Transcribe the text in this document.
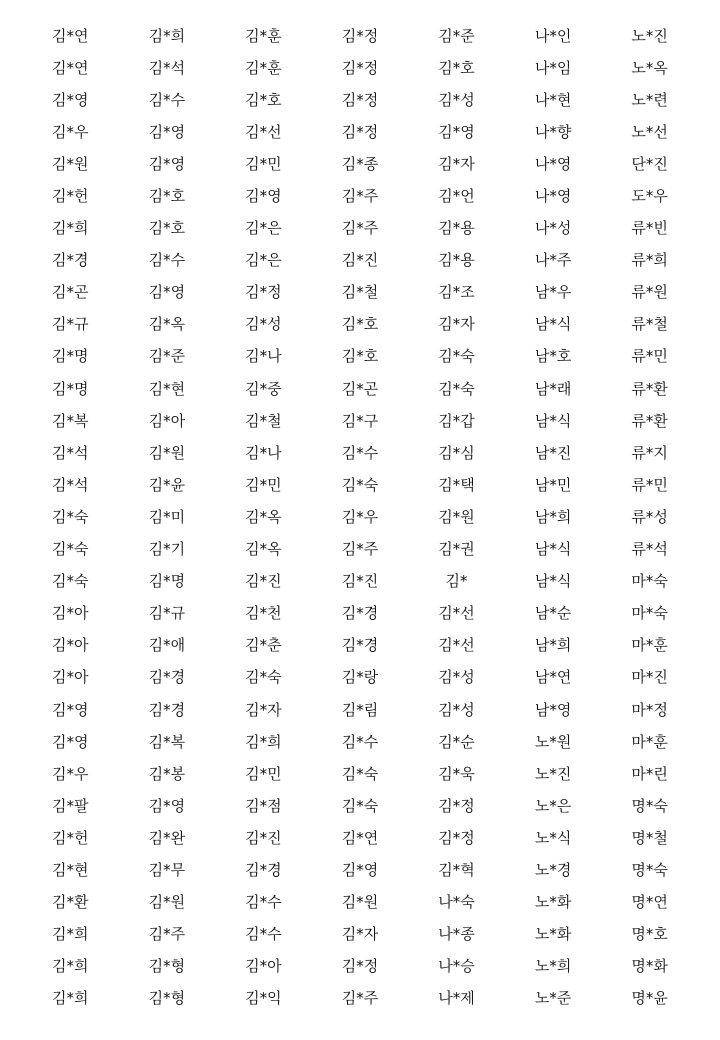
김*연	김*희	김*훈	김*정	김*준	나*인	노*진
김*연	김*석	김*훈	김*정	김*호	나*임	노*옥
김*영	김*수	김*호	김*정	김*성	나*현	노*련
김*우	김*영	김*선	김*정	김*영	나*향	노*선
김*원	김*영	김*민	김*종	김*자	나*영	단*진
김*헌	김*호	김*영	김*주	김*언	나*영	도*우
김*희	김*호	김*은	김*주	김*용	나*성	류*빈
김*경	김*수	김*은	김*진	김*용	나*주	류*희
김*곤	김*영	김*정	김*철	김*조	남*우	류*원
김*규	김*옥	김*성	김*호	김*자	남*식	류*철
김*명	김*준	김*나	김*호	김*숙	남*호	류*민
김*명	김*현	김*중	김*곤	김*숙	남*래	류*환
김*복	김*아	김*철	김*구	김*갑	남*식	류*환
김*석	김*원	김*나	김*수	김*심	남*진	류*지
김*석	김*윤	김*민	김*숙	김*택	남*민	류*민
김*숙	김*미	김*옥	김*우	김*원	남*희	류*성
김*숙	김*기	김*옥	김*주	김*권	남*식	류*석
김*숙	김*명	김*진	김*진	김*	남*식	마*숙
김*아	김*규	김*천	김*경	김*선	남*순	마*숙
김*아	김*애	김*춘	김*경	김*선	남*희	마*훈
김*아	김*경	김*숙	김*랑	김*성	남*연	마*진
김*영	김*경	김*자	김*림	김*성	남*영	마*정
김*영	김*복	김*희	김*수	김*순	노*원	마*훈
김*우	김*봉	김*민	김*숙	김*욱	노*진	마*린
김*팔	김*영	김*점	김*숙	김*정	노*은	명*숙
김*헌	김*완	김*진	김*연	김*정	노*식	명*철
김*현	김*무	김*경	김*영	김*혁	노*경	명*숙
김*환	김*원	김*수	김*원	나*숙	노*화	명*연
김*희	김*주	김*수	김*자	나*종	노*화	명*호
김*희	김*형	김*아	김*정	나*승	노*희	명*화
김*희	김*형	김*익	김*주	나*제	노*준	명*윤
